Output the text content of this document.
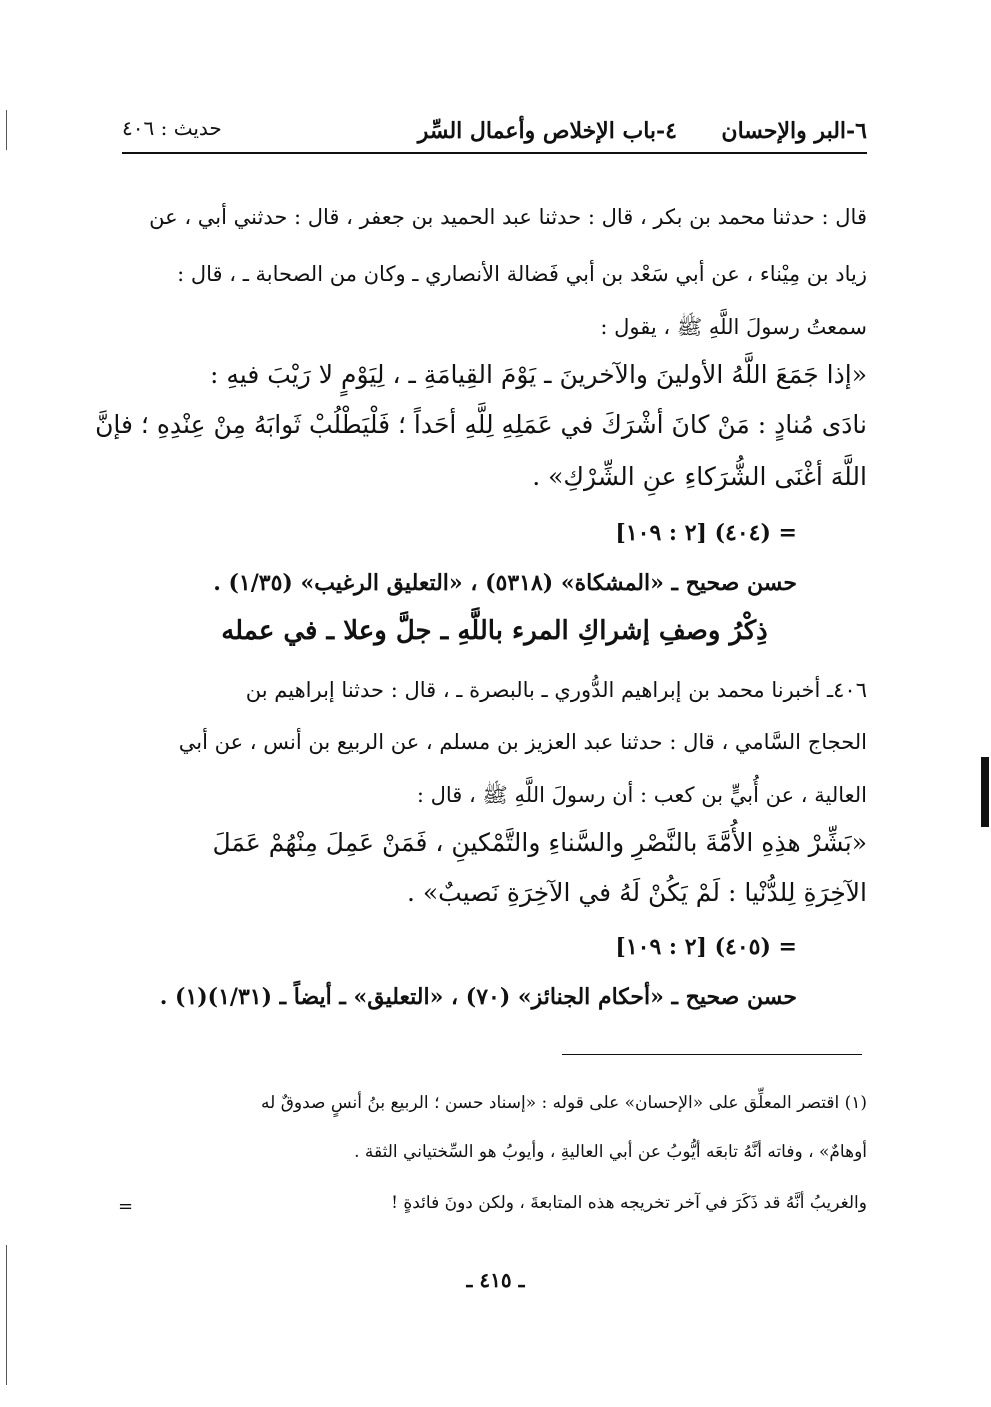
٦-البر والإحسان
٤-باب الإخلاص وأعمال السِّر
حديث : ٤٠٦
قال : حدثنا محمد بن بكر ، قال : حدثنا عبد الحميد بن جعفر ، قال : حدثني أبي ، عن
زياد بن مِيْناء ، عن أبي سَعْد بن أبي فَضالة الأنصاري ـ وكان من الصحابة ـ ، قال :
سمعتُ رسولَ اللَّهِ ﷺ ، يقول :
«إذا جَمَعَ اللَّهُ الأولينَ والآخرينَ ـ يَوْمَ القِيامَةِ ـ ، لِيَوْمٍ لا رَيْبَ فيهِ :
نادَى مُنادٍ : مَنْ كانَ أشْرَكَ في عَمَلِهِ لِلَّهِ أحَداً ؛ فَلْيَطْلُبْ ثَوابَهُ مِنْ عِنْدِهِ ؛ فإنَّ
اللَّهَ أغْنَى الشُّرَكاءِ عنِ الشِّرْكِ» .
= (٤٠٤) [٢ : ١٠٩]
حسن صحيح ـ «المشكاة» (٥٣١٨) ، «التعليق الرغيب» (١/٣٥) .
ذِكْرُ وصفِ إشراكِ المرء باللَّهِ ـ جلَّ وعلا ـ في عمله
٤٠٦ـ أخبرنا محمد بن إبراهيم الدُّوري ـ بالبصرة ـ ، قال : حدثنا إبراهيم بن
الحجاج السَّامي ، قال : حدثنا عبد العزيز بن مسلم ، عن الربيع بن أنس ، عن أبي
العالية ، عن أُبيٍّ بن كعب : أن رسولَ اللَّهِ ﷺ ، قال :
«بَشِّرْ هذِهِ الأُمَّةَ بالنَّصْرِ والسَّناءِ والتَّمْكينِ ، فَمَنْ عَمِلَ مِنْهُمْ عَمَلَ
الآخِرَةِ لِلدُّنْيا : لَمْ يَكُنْ لَهُ في الآخِرَةِ نَصيبٌ» .
= (٤٠٥) [٢ : ١٠٩]
حسن صحيح ـ «أحكام الجنائز» (٧٠) ، «التعليق» ـ أيضاً ـ (١/٣١)(١) .
(١) اقتصر المعلِّق على «الإحسان» على قوله : «إسناد حسن ؛ الربيع بنُ أنسٍ صدوقٌ له
أوهامٌ» ، وفاته أنَّهُ تابعَه أيُّوبُ عن أبي العاليةِ ، وأيوبُ هو السِّختياني الثقة .
والغريبُ أنَّهُ قد ذَكَرَ في آخر تخريجه هذه المتابعةَ ، ولكن دونَ فائدةٍ !
=
ـ ٤١٥ ـ
